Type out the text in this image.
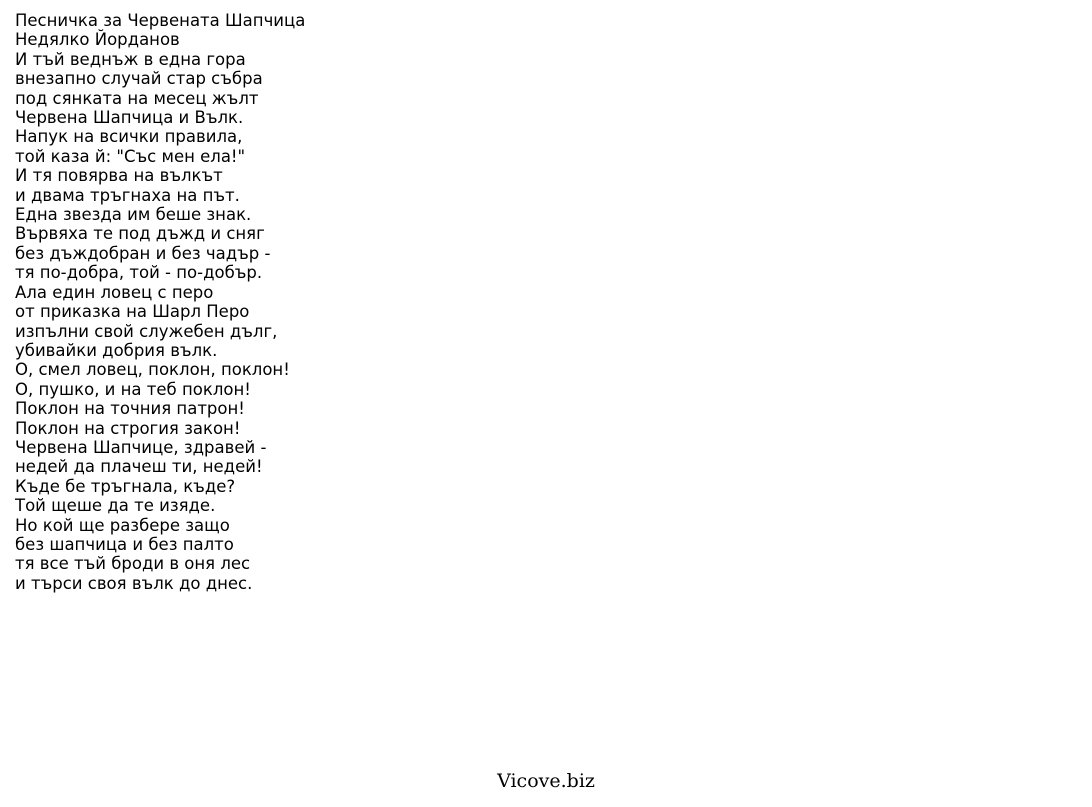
Песничка за Червената Шапчица
Недялко Йорданов
И тъй веднъж в една гора
внезапно случай стар събра
под сянката на месец жълт
Червена Шапчица и Вълк.
Напук на всички правила,
той каза й: "Със мен ела!"
И тя повярва на вълкът
и двама тръгнаха на път.
Една звезда им беше знак.
Вървяха те под дъжд и сняг
без дъждобран и без чадър -
тя по-добра, той - по-добър.
Ала един ловец с перо
от приказка на Шарл Перо
изпълни свой служебен дълг,
убивайки добрия вълк.
О, смел ловец, поклон, поклон!
О, пушко, и на теб поклон!
Поклон на точния патрон!
Поклон на строгия закон!
Червена Шапчице, здравей -
недей да плачеш ти, недей!
Къде бе тръгнала, къде?
Той щеше да те изяде.
Но кой ще разбере защо
без шапчица и без палто
тя все тъй броди в оня лес
и търси своя вълк до днес.
Vicove.biz
